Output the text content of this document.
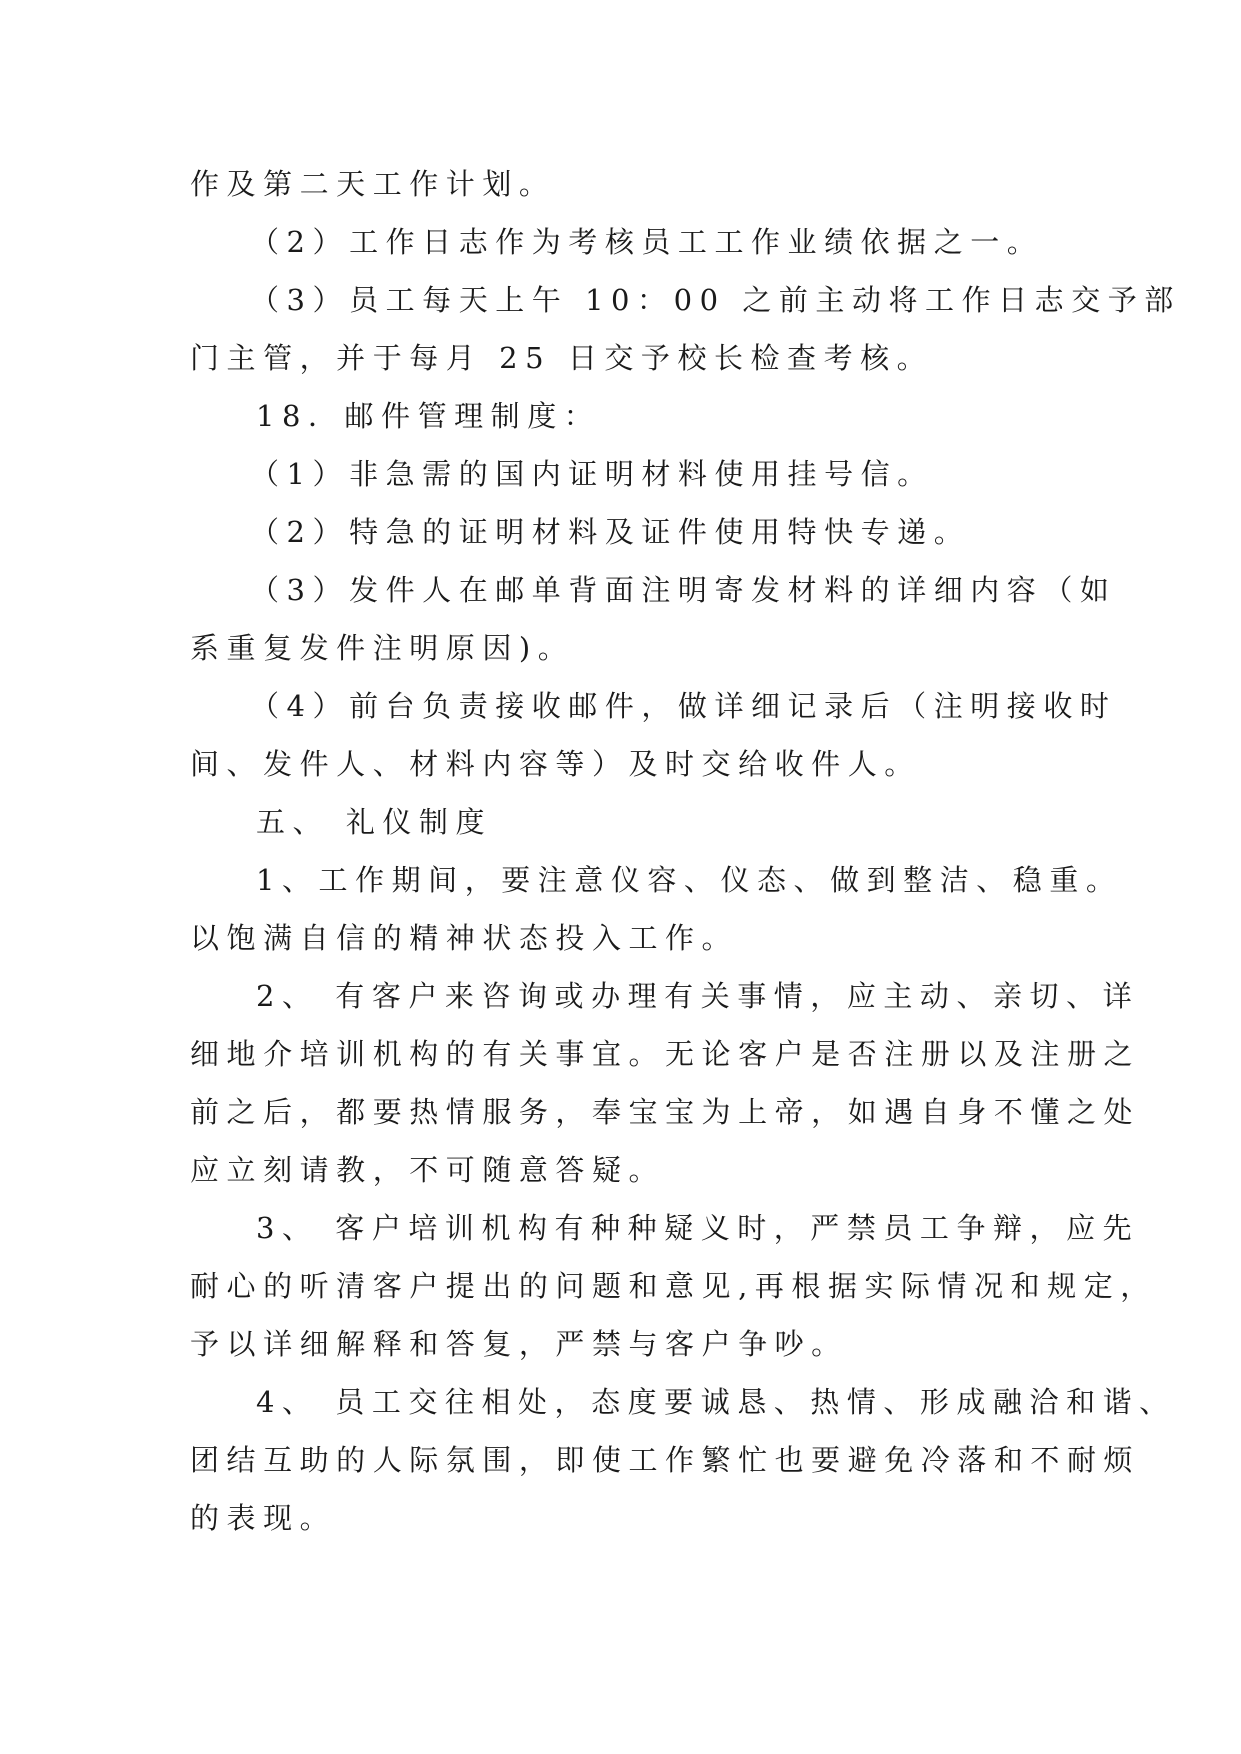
作及第二天工作计划。
（2）工作日志作为考核员工工作业绩依据之一。
（3）员工每天上午 10：00 之前主动将工作日志交予部
门主管，并于每月 25 日交予校长检查考核。
18．邮件管理制度：
（1）非急需的国内证明材料使用挂号信。
（2）特急的证明材料及证件使用特快专递。
（3）发件人在邮单背面注明寄发材料的详细内容（如
系重复发件注明原因)。
（4）前台负责接收邮件，做详细记录后（注明接收时
间、发件人、材料内容等）及时交给收件人。
五、 礼仪制度
1、工作期间，要注意仪容、仪态、做到整洁、稳重。
以饱满自信的精神状态投入工作。
2、 有客户来咨询或办理有关事情，应主动、亲切、详
细地介培训机构的有关事宜。无论客户是否注册以及注册之
前之后，都要热情服务，奉宝宝为上帝，如遇自身不懂之处
应立刻请教，不可随意答疑。
3、 客户培训机构有种种疑义时，严禁员工争辩，应先
耐心的听清客户提出的问题和意见,再根据实际情况和规定，
予以详细解释和答复，严禁与客户争吵。
4、 员工交往相处，态度要诚恳、热情、形成融洽和谐、
团结互助的人际氛围，即使工作繁忙也要避免冷落和不耐烦
的表现。
